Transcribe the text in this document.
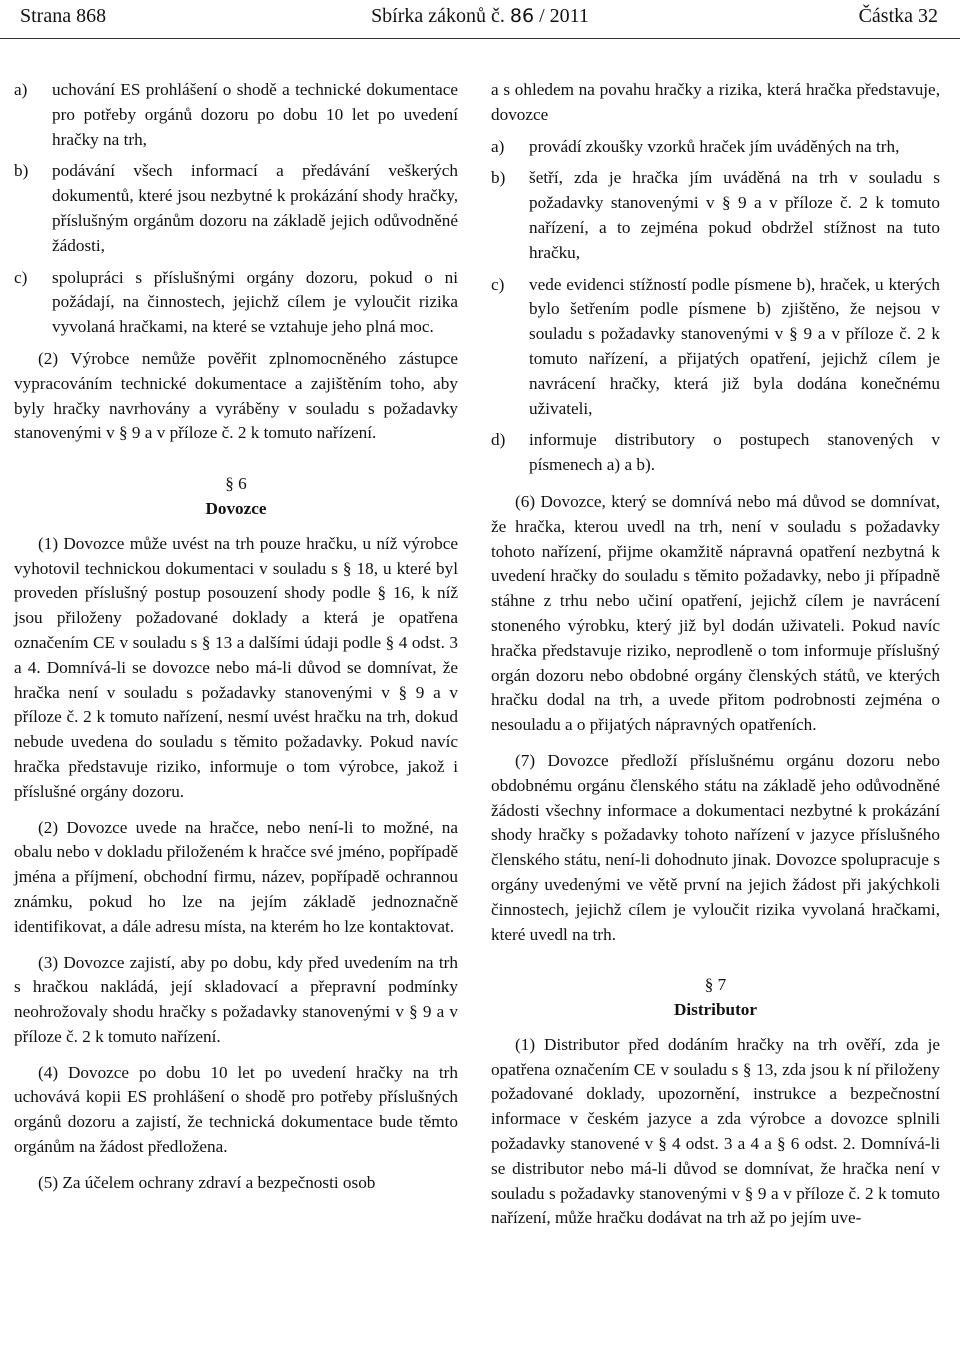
Strana 868	Sbírka zákonů č. 86 / 2011	Částka 32
a)	uchování ES prohlášení o shodě a technické dokumentace pro potřeby orgánů dozoru po dobu 10 let po uvedení hračky na trh,
b)	podávání všech informací a předávání veškerých dokumentů, které jsou nezbytné k prokázání shody hračky, příslušným orgánům dozoru na základě jejich odůvodněné žádosti,
c)	spolupráci s příslušnými orgány dozoru, pokud o ni požádají, na činnostech, jejichž cílem je vyloučit rizika vyvolaná hračkami, na které se vztahuje jeho plná moc.

(2) Výrobce nemůže pověřit zplnomocněného zástupce vypracováním technické dokumentace a zajištěním toho, aby byly hračky navrhovány a vyráběny v souladu s požadavky stanovenými v § 9 a v příloze č. 2 k tomuto nařízení.

§ 6
Dovozce

(1) Dovozce může uvést na trh pouze hračku, u níž výrobce vyhotovil technickou dokumentaci v souladu s § 18, u které byl proveden příslušný postup posouzení shody podle § 16, k níž jsou přiloženy požadované doklady a která je opatřena označením CE v souladu s § 13 a dalšími údaji podle § 4 odst. 3 a 4. Domnívá-li se dovozce nebo má-li důvod se domnívat, že hračka není v souladu s požadavky stanovenými v § 9 a v příloze č. 2 k tomuto nařízení, nesmí uvést hračku na trh, dokud nebude uvedena do souladu s těmito požadavky. Pokud navíc hračka představuje riziko, informuje o tom výrobce, jakož i příslušné orgány dozoru.

(2) Dovozce uvede na hračce, nebo není-li to možné, na obalu nebo v dokladu přiloženém k hračce své jméno, popřípadě jména a příjmení, obchodní firmu, název, popřípadě ochrannou známku, pokud ho lze na jejím základě jednoznačně identifikovat, a dále adresu místa, na kterém ho lze kontaktovat.

(3) Dovozce zajistí, aby po dobu, kdy před uvedením na trh s hračkou nakládá, její skladovací a přepravní podmínky neohrožovaly shodu hračky s požadavky stanovenými v § 9 a v příloze č. 2 k tomuto nařízení.

(4) Dovozce po dobu 10 let po uvedení hračky na trh uchovává kopii ES prohlášení o shodě pro potřeby příslušných orgánů dozoru a zajistí, že technická dokumentace bude těmto orgánům na žádost předložena.

(5) Za účelem ochrany zdraví a bezpečnosti osob

a s ohledem na povahu hračky a rizika, která hračka představuje, dovozce

a)	provádí zkoušky vzorků hraček jím uváděných na trh,
b)	šetří, zda je hračka jím uváděná na trh v souladu s požadavky stanovenými v § 9 a v příloze č. 2 k tomuto nařízení, a to zejména pokud obdržel stížnost na tuto hračku,
c)	vede evidenci stížností podle písmene b), hraček, u kterých bylo šetřením podle písmene b) zjištěno, že nejsou v souladu s požadavky stanovenými v § 9 a v příloze č. 2 k tomuto nařízení, a přijatých opatření, jejichž cílem je navrácení hračky, která již byla dodána konečnému uživateli,
d)	informuje distributory o postupech stanovených v písmenech a) a b).

(6) Dovozce, který se domnívá nebo má důvod se domnívat, že hračka, kterou uvedl na trh, není v souladu s požadavky tohoto nařízení, přijme okamžitě nápravná opatření nezbytná k uvedení hračky do souladu s těmito požadavky, nebo ji případně stáhne z trhu nebo učiní opatření, jejichž cílem je navrácení stoneného výrobku, který již byl dodán uživateli. Pokud navíc hračka představuje riziko, neprodleně o tom informuje příslušný orgán dozoru nebo obdobné orgány členských států, ve kterých hračku dodal na trh, a uvede přitom podrobnosti zejména o nesouladu a o přijatých nápravných opatřeních.

(7) Dovozce předloží příslušnému orgánu dozoru nebo obdobnému orgánu členského státu na základě jeho odůvodněné žádosti všechny informace a dokumentaci nezbytné k prokázání shody hračky s požadavky tohoto nařízení v jazyce příslušného členského státu, není-li dohodnuto jinak. Dovozce spolupracuje s orgány uvedenými ve větě první na jejich žádost při jakýchkoli činnostech, jejichž cílem je vyloučit rizika vyvolaná hračkami, které uvedl na trh.

§ 7
Distributor

(1) Distributor před dodáním hračky na trh ověří, zda je opatřena označením CE v souladu s § 13, zda jsou k ní přiloženy požadované doklady, upozornění, instrukce a bezpečnostní informace v českém jazyce a zda výrobce a dovozce splnili požadavky stanovené v § 4 odst. 3 a 4 a § 6 odst. 2. Domnívá-li se distributor nebo má-li důvod se domnívat, že hračka není v souladu s požadavky stanovenými v § 9 a v příloze č. 2 k tomuto nařízení, může hračku dodávat na trh až po jejím uve-
